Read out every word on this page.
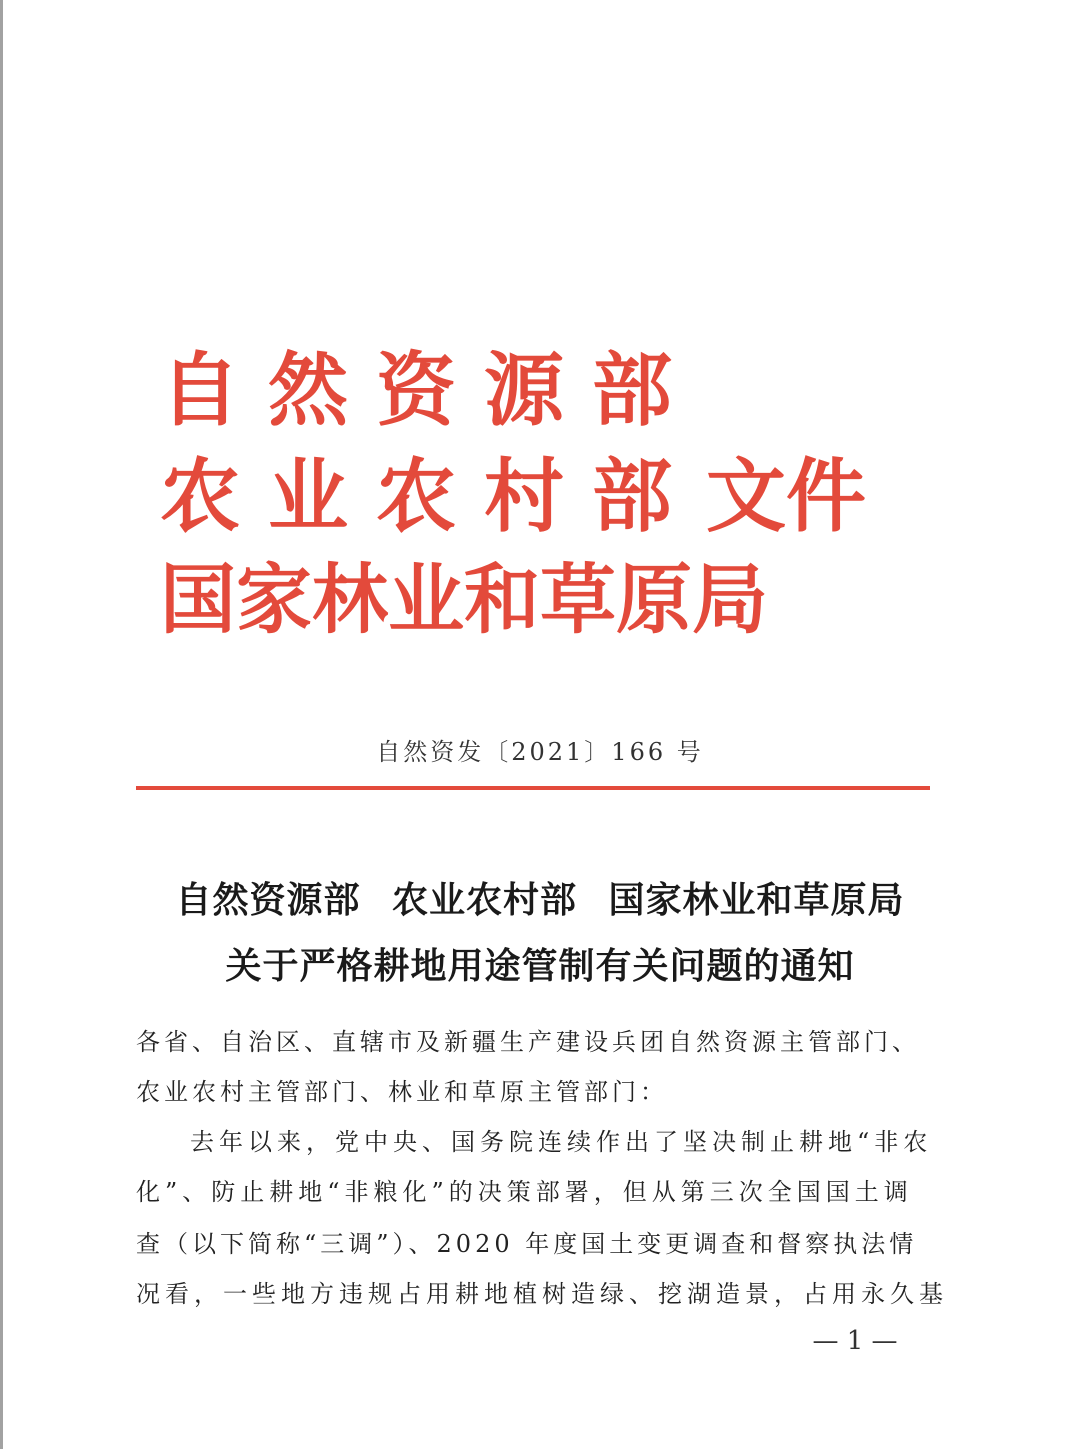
自然资源部
农业农村部文件
国家林业和草原局
自然资发〔2021〕166 号
自然资源部 农业农村部 国家林业和草原局
关于严格耕地用途管制有关问题的通知
各省、自治区、直辖市及新疆生产建设兵团自然资源主管部门、
农业农村主管部门、林业和草原主管部门：
去年以来，党中央、国务院连续作出了坚决制止耕地“非农
化”、防止耕地“非粮化”的决策部署，但从第三次全国国土调
查（以下简称“三调”）、2020 年度国土变更调查和督察执法情
况看，一些地方违规占用耕地植树造绿、挖湖造景，占用永久基
— 1 —
